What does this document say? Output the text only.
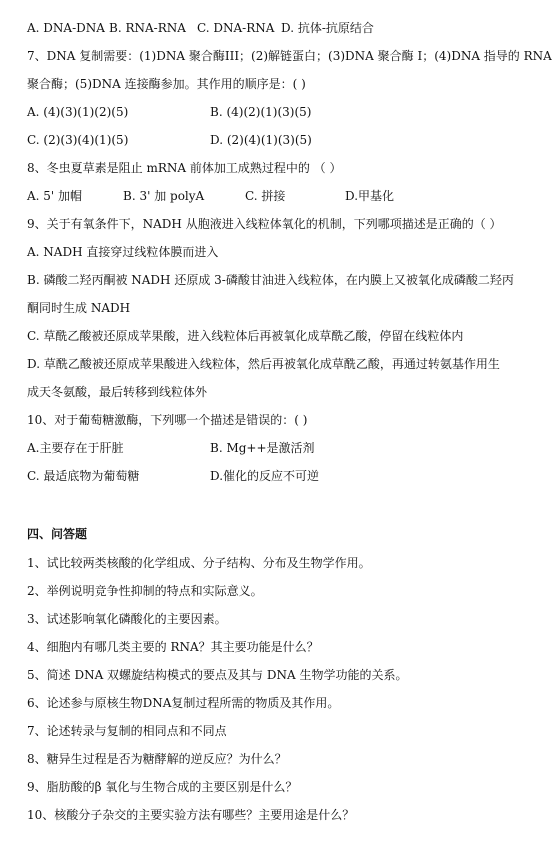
A. DNA-DNA B. RNA-RNA C. DNA-RNA D. 抗体-抗原结合
7、DNA 复制需要：(1)DNA 聚合酶III；(2)解链蛋白；(3)DNA 聚合酶 I；(4)DNA 指导的 RNA
聚合酶；(5)DNA 连接酶参加。其作用的顺序是：( )
A. (4)(3)(1)(2)(5)	B. (4)(2)(1)(3)(5)
C. (2)(3)(4)(1)(5)	D. (2)(4)(1)(3)(5)
8、冬虫夏草素是阻止 mRNA 前体加工成熟过程中的 （ ）
A. 5' 加帽	B. 3' 加 polyA	C. 拼接	D.甲基化
9、关于有氧条件下，NADH 从胞液进入线粒体氧化的机制，下列哪项描述是正确的（ ）
A. NADH 直接穿过线粒体膜而进入
B. 磷酸二羟丙酮被 NADH 还原成 3-磷酸甘油进入线粒体，在内膜上又被氧化成磷酸二羟丙
酮同时生成 NADH
C. 草酰乙酸被还原成苹果酸，进入线粒体后再被氧化成草酰乙酸，停留在线粒体内
D. 草酰乙酸被还原成苹果酸进入线粒体，然后再被氧化成草酰乙酸，再通过转氨基作用生
成天冬氨酸，最后转移到线粒体外
10、对于葡萄糖激酶，下列哪一个描述是错误的：( )
A.主要存在于肝脏	B. Mg++是激活剂
C. 最适底物为葡萄糖	D.催化的反应不可逆
四、问答题
1、试比较两类核酸的化学组成、分子结构、分布及生物学作用。
2、举例说明竞争性抑制的特点和实际意义。
3、试述影响氧化磷酸化的主要因素。
4、细胞内有哪几类主要的 RNA？其主要功能是什么？
5、简述 DNA 双螺旋结构模式的要点及其与 DNA 生物学功能的关系。
6、论述参与原核生物DNA复制过程所需的物质及其作用。
7、论述转录与复制的相同点和不同点
8、糖异生过程是否为糖酵解的逆反应？为什么？
9、脂肪酸的β 氧化与生物合成的主要区别是什么？
10、核酸分子杂交的主要实验方法有哪些？主要用途是什么？
